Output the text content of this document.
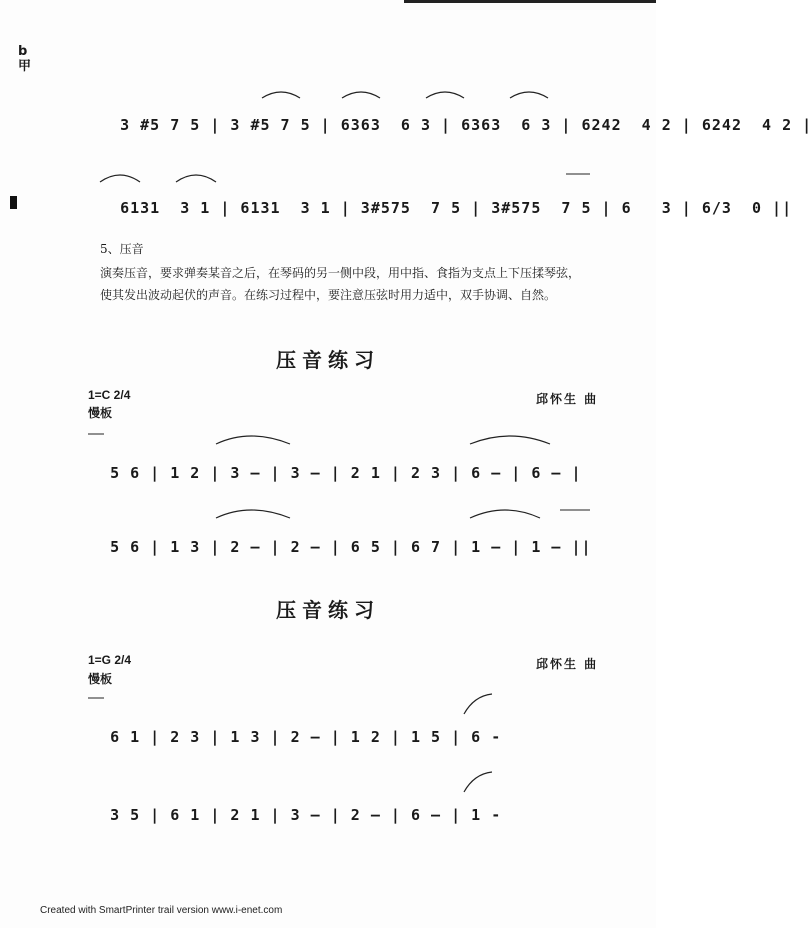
b
甲

3 #5 7 5 | 3 #5 7 5 | 6363  6 3 | 6363  6 3 | 6242  4 2 | 6242  4 2 |

6131  3 1 | 6131  3 1 | 3#575  7 5 | 3#575  7 5 | 6   3 | 6/3  0 ||

5、压音
演奏压音，要求弹奏某音之后，在琴码的另一侧中段，用中指、食指为支点上下压揉琴弦，使其发出波动起伏的声音。在练习过程中，要注意压弦时用力适中，双手协调、自然。
压音练习
1=C 2/4
慢板
邱怀生 曲

5 6 | 1 2 | 3 — | 3 — | 2 1 | 2 3 | 6 — | 6 — |

5 6 | 1 3 | 2 — | 2 — | 6 5 | 6 7 | 1 — | 1 — ||

压音练习
1=G 2/4
慢板
邱怀生 曲

6 1 | 2 3 | 1 3 | 2 — | 1 2 | 1 5 | 6 -

3 5 | 6 1 | 2 1 | 3 — | 2 — | 6 — | 1 -

Created with SmartPrinter trail version www.i-enet.com
